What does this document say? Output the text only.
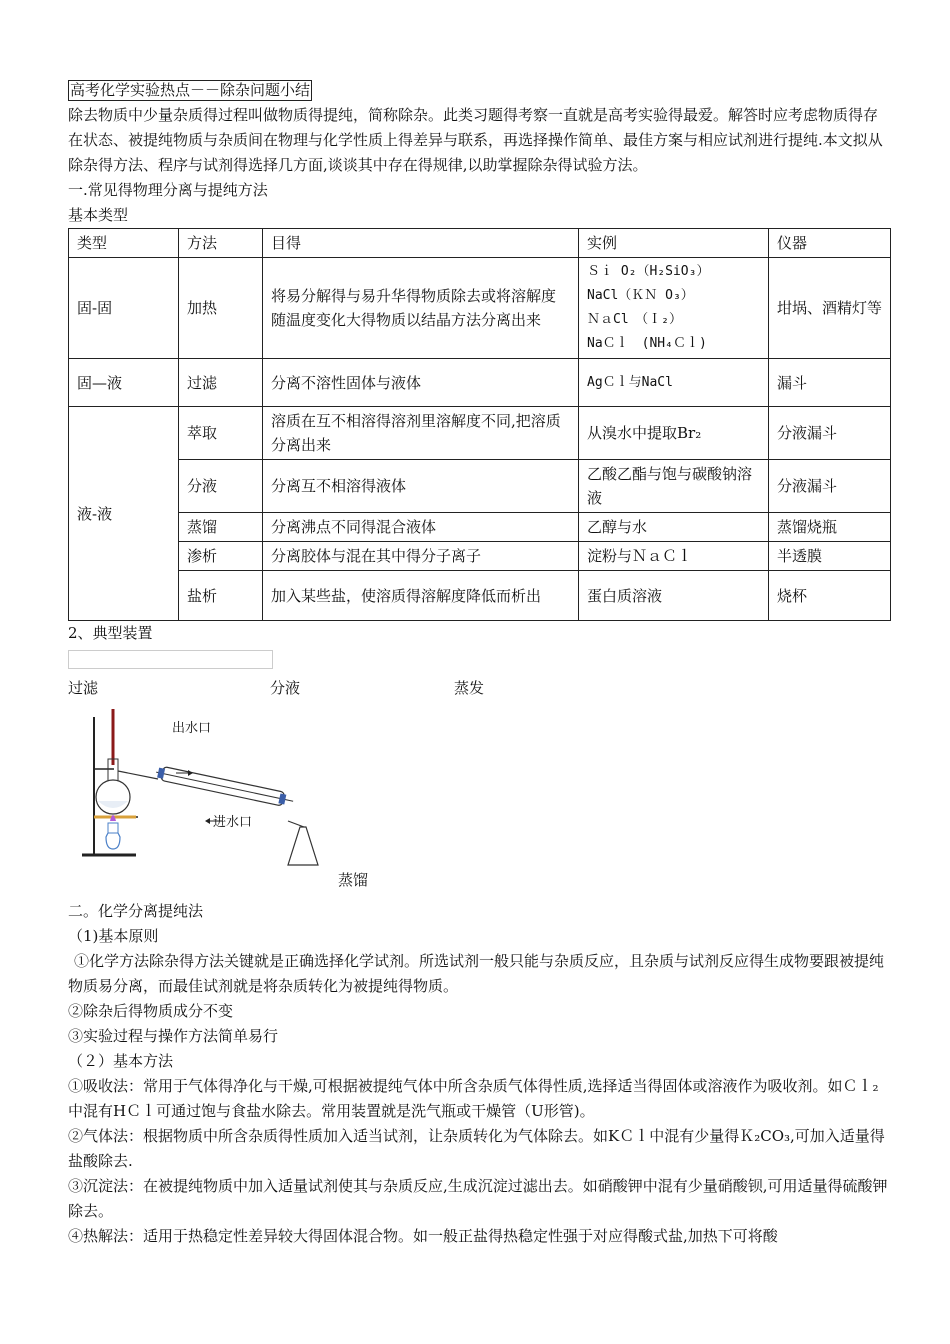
高考化学实验热点－－除杂问题小结
除去物质中少量杂质得过程叫做物质得提纯，简称除杂。此类习题得考察一直就是高考实验得最爱。解答时应考虑物质得存在状态、被提纯物质与杂质间在物理与化学性质上得差异与联系，再选择操作简单、最佳方案与相应试剂进行提纯.本文拟从除杂得方法、程序与试剂得选择几方面,谈谈其中存在得规律,以助掌握除杂得试验方法。
一.常见得物理分离与提纯方法
基本类型
类型	方法	目得	实例	仪器
固-固	加热	将易分解得与易升华得物质除去或将溶解度随温度变化大得物质以结晶方法分离出来	Ｓｉ O₂（H₂SiO₃）
NaCl（ＫＮ O₃）
ＮａCl　（Ｉ₂）
NaＣｌ　(NH₄Ｃｌ)	坩埚、酒精灯等
固—液	过滤	分离不溶性固体与液体	AgＣｌ与NaCl	漏斗
液-液	萃取	溶质在互不相溶得溶剂里溶解度不同,把溶质分离出来	从溴水中提取Br₂	分液漏斗
	分液	分离互不相溶得液体	乙酸乙酯与饱与碳酸钠溶液	分液漏斗
	蒸馏	分离沸点不同得混合液体	乙醇与水	蒸馏烧瓶
	渗析	分离胶体与混在其中得分子离子	淀粉与ＮａＣｌ	半透膜
	盐析	加入某些盐，使溶质得溶解度降低而析出	蛋白质溶液	烧杯
2、典型装置
过滤	分液	蒸发
出水口
进水口
蒸馏
二。化学分离提纯法
（1)基本原则
①化学方法除杂得方法关键就是正确选择化学试剂。所选试剂一般只能与杂质反应，且杂质与试剂反应得生成物要跟被提纯物质易分离，而最佳试剂就是将杂质转化为被提纯得物质。
②除杂后得物质成分不变
③实验过程与操作方法简单易行
（２）基本方法
①吸收法：常用于气体得净化与干燥,可根据被提纯气体中所含杂质气体得性质,选择适当得固体或溶液作为吸收剂。如Ｃｌ₂中混有HＣｌ可通过饱与食盐水除去。常用装置就是洗气瓶或干燥管（U形管)。
②气体法：根据物质中所含杂质得性质加入适当试剂，让杂质转化为气体除去。如KＣｌ中混有少量得Ｋ₂CO₃,可加入适量得盐酸除去.
③沉淀法：在被提纯物质中加入适量试剂使其与杂质反应,生成沉淀过滤出去。如硝酸钾中混有少量硝酸钡,可用适量得硫酸钾除去。
④热解法：适用于热稳定性差异较大得固体混合物。如一般正盐得热稳定性强于对应得酸式盐,加热下可将酸
